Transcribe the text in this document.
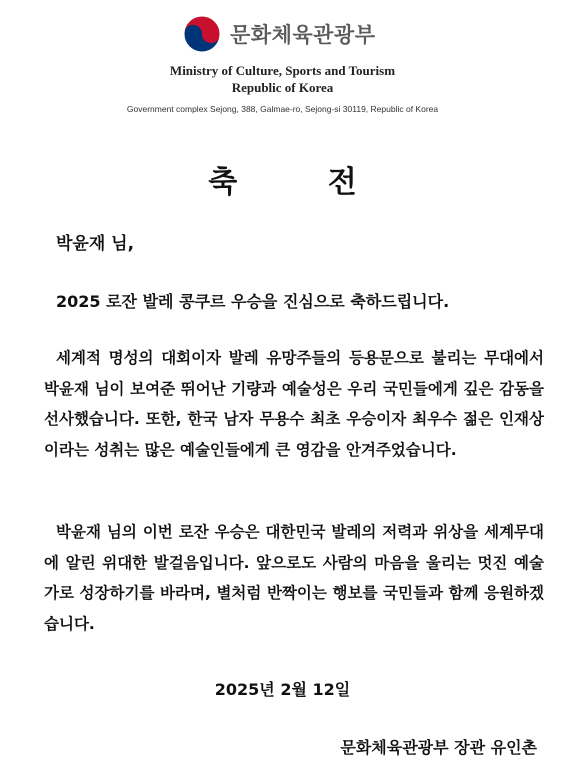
문화체육관광부
Ministry of Culture, Sports and Tourism
Republic of Korea
Government complex Sejong, 388, Galmae-ro, Sejong-si 30119, Republic of Korea
축 전
박윤재 님,
2025 로잔 발레 콩쿠르 우승을 진심으로 축하드립니다.
세계적 명성의 대회이자 발레 유망주들의 등용문으로 불리는 무대에서 박윤재 님이 보여준 뛰어난 기량과 예술성은 우리 국민들에게 깊은 감동을 선사했습니다. 또한, 한국 남자 무용수 최초 우승이자 최우수 젊은 인재상이라는 성취는 많은 예술인들에게 큰 영감을 안겨주었습니다.
박윤재 님의 이번 로잔 우승은 대한민국 발레의 저력과 위상을 세계무대에 알린 위대한 발걸음입니다. 앞으로도 사람의 마음을 울리는 멋진 예술가로 성장하기를 바라며, 별처럼 반짝이는 행보를 국민들과 함께 응원하겠습니다.
2025년 2월 12일
문화체육관광부 장관 유인촌
